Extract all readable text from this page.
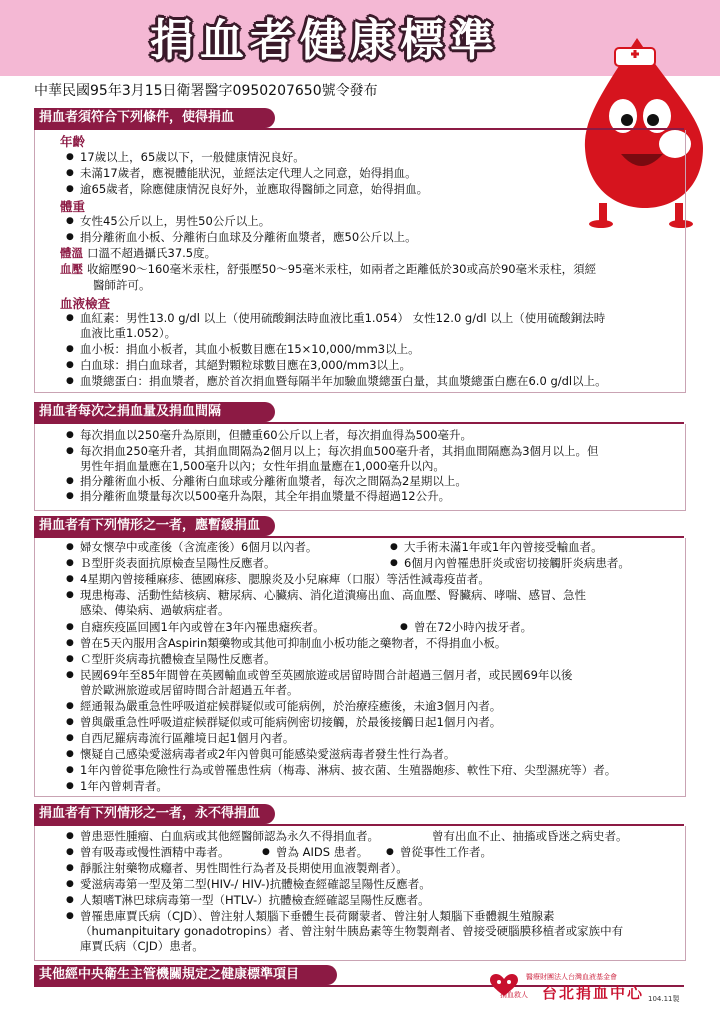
捐血者健康標準
中華民國95年3月15日衛署醫字0950207650號令發布
捐血者須符合下列條件，使得捐血
年齡
● 17歲以上，65歲以下，一般健康情況良好。
● 未滿17歲者，應視體能狀況，並經法定代理人之同意，始得捐血。
● 逾65歲者，除應健康情況良好外，並應取得醫師之同意，始得捐血。
體重
● 女性45公斤以上，男性50公斤以上。
● 捐分離術血小板、分離術白血球及分離術血漿者，應50公斤以上。
體溫 口溫不超過攝氏37.5度。
血壓 收縮壓90～160毫米汞柱，舒張壓50～95毫米汞柱，如兩者之距離低於30或高於90毫米汞柱，須經
醫師許可。
血液檢查
● 血紅素：男性13.0 g/dl 以上（使用硫酸銅法時血液比重1.054） 女性12.0 g/dl 以上（使用硫酸銅法時
血液比重1.052）。
● 血小板：捐血小板者，其血小板數目應在15×10,000/mm3以上。
● 白血球：捐白血球者，其絕對顆粒球數目應在3,000/mm3以上。
● 血漿總蛋白：捐血漿者，應於首次捐血暨每隔半年加驗血漿總蛋白量，其血漿總蛋白應在6.0 g/dl以上。
捐血者每次之捐血量及捐血間隔
● 每次捐血以250毫升為原則，但體重60公斤以上者，每次捐血得為500毫升。
● 每次捐血250毫升者，其捐血間隔為2個月以上；每次捐血500毫升者，其捐血間隔應為3個月以上。但
男性年捐血量應在1,500毫升以內；女性年捐血量應在1,000毫升以內。
● 捐分離術血小板、分離術白血球或分離術血漿者，每次之間隔為2星期以上。
● 捐分離術血漿量每次以500毫升為限，其全年捐血漿量不得超過12公升。
捐血者有下列情形之一者，應暫緩捐血
● 婦女懷孕中或產後（含流產後）6個月以內者。	● 大手術未滿1年或1年內曾接受輸血者。
● Ｂ型肝炎表面抗原檢查呈陽性反應者。	● 6個月內曾罹患肝炎或密切接觸肝炎病患者。
● 4星期內曾接種麻疹、德國麻疹、腮腺炎及小兒麻痺（口服）等活性減毒疫苗者。
● 現患梅毒、活動性結核病、糖尿病、心臟病、消化道潰瘍出血、高血壓、腎臟病、哮喘、感冒、急性
感染、傳染病、過敏病症者。
● 自瘧疾疫區回國1年內或曾在3年內罹患瘧疾者。	● 曾在72小時內拔牙者。
● 曾在5天內服用含Aspirin類藥物或其他可抑制血小板功能之藥物者，不得捐血小板。
● Ｃ型肝炎病毒抗體檢查呈陽性反應者。
● 民國69年至85年間曾在英國輸血或曾至英國旅遊或居留時間合計超過三個月者，或民國69年以後
曾於歐洲旅遊或居留時間合計超過五年者。
● 經通報為嚴重急性呼吸道症候群疑似或可能病例，於治療痊癒後，未逾3個月內者。
● 曾與嚴重急性呼吸道症候群疑似或可能病例密切接觸，於最後接觸日起1個月內者。
● 自西尼羅病毒流行區離境日起1個月內者。
● 懷疑自己感染愛滋病毒者或2年內曾與可能感染愛滋病毒者發生性行為者。
● 1年內曾從事危險性行為或曾罹患性病（梅毒、淋病、披衣菌、生殖器皰疹、軟性下疳、尖型濕疣等）者。
● 1年內曾刺青者。
捐血者有下列情形之一者，永不得捐血
● 曾患惡性腫瘤、白血病或其他經醫師認為永久不得捐血者。	曾有出血不止、抽搐或昏迷之病史者。
● 曾有吸毒或慢性酒精中毒者。	● 曾為 AIDS 患者。	● 曾從事性工作者。
● 靜脈注射藥物成癮者、男性間性行為者及長期使用血液製劑者）。
● 愛滋病毒第一型及第二型(HIV-/ HIV-)抗體檢查經確認呈陽性反應者。
● 人類嗜T淋巴球病毒第一型（HTLV-）抗體檢查經確認呈陽性反應者。
● 曾罹患庫賈氏病（CJD）、曾注射人類腦下垂體生長荷爾蒙者、曾注射人類腦下垂體親生殖腺素
（humanpituitary gonadotropins）者、曾注射牛胰島素等生物製劑者、曾接受硬腦膜移植者或家族中有
庫賈氏病（CJD）患者。
其他經中央衛生主管機關規定之健康標準項目	醫療財團法人台灣血液基金會
捐血救人 台北捐血中心 104.11製
